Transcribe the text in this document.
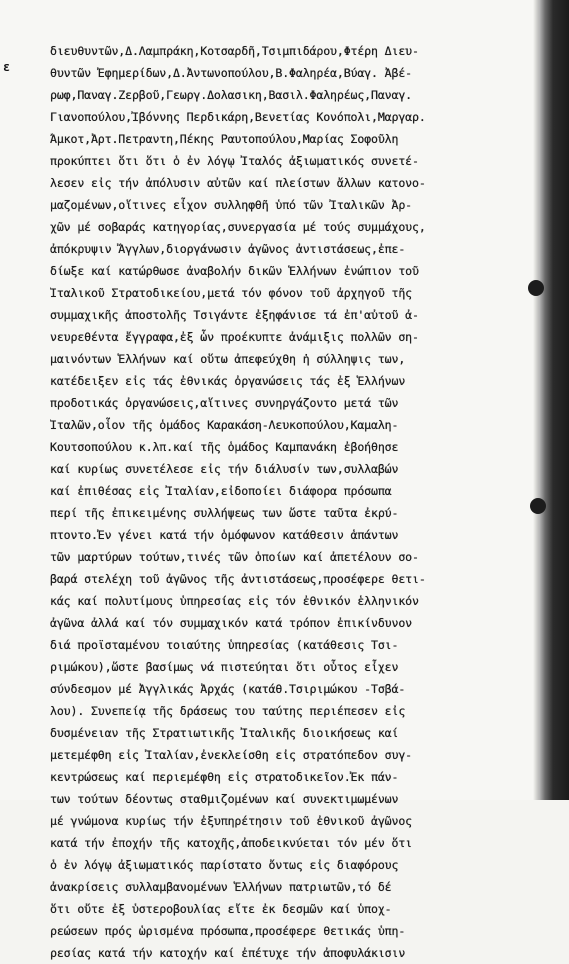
ε
διευθυντῶν,Δ.Λαμπράκη,Κοτσαρδῆ,Τσιμπιδάρου,Φτέρη Διευ-
θυντῶν Ἐφημερίδων,Δ.Ἀντωνοπούλου,Β.Φαληρέα,Βύαγ. Ἀβέ-
ρωφ,Παναγ.Ζερβοῦ,Γεωργ.Δολασικη,Βασιλ.Φαληρέως,Παναγ.
Γιανοπούλου,Ἰβόννης Περδικάρη,Βενετίας Κονόπολι,Μαργαρ.
Ἄμκοτ,Ἀρτ.Πετραντη,Πέκης Ραυτοπούλου,Μαρίας Σοφοῦλη
προκύπτει ὅτι ὅτι ὁ ἐν λόγῳ Ἰταλός ἀξιωματικός συνετέ-
λεσεν εἰς τήν ἀπόλυσιν αὐτῶν καί πλείστων ἄλλων κατονο-
μαζομένων,οἵτινες εἶχον συλληφθῆ ὑπό τῶν Ἰταλικῶν Ἀρ-
χῶν μέ σοβαράς κατηγορίας,συνεργασία μέ τούς συμμάχους,
ἀπόκρυψιν Ἄγγλων,διοργάνωσιν ἀγῶνος ἀντιστάσεως,ἐπε-
δίωξε καί κατώρθωσε ἀναβολήν δικῶν Ἑλλήνων ἐνώπιον τοῦ
Ἰταλικοῦ Στρατοδικείου,μετά τόν φόνον τοῦ ἀρχηγοῦ τῆς
συμμαχικῆς ἀποστολῆς Τσιγάντε ἐξηφάνισε τά ἐπ'αὐτοῦ ἀ-
νευρεθέντα ἔγγραφα,ἐξ ὧν προέκυπτε ἀνάμιξις πολλῶν ση-
μαινόντων Ἑλλήνων καί οὕτω ἀπεφεύχθη ἡ σύλληψις των,
κατέδειξεν εἰς τάς ἐθνικάς ὀργανώσεις τάς ἐξ Ἑλλήνων
προδοτικάς ὀργανώσεις,αἵτινες συνηργάζοντο μετά τῶν
Ἰταλῶν,οἷον τῆς ὁμάδος Καρακάση-Λευκοπούλου,Καμαλη-
Κουτσοπούλου κ.λπ.καί τῆς ὁμάδος Καμπανάκη ἐβοήθησε
καί κυρίως συνετέλεσε εἰς τήν διάλυσίν των,συλλαβών
καί ἐπιθέσας εἰς Ἰταλίαν,εἰδοποίει διάφορα πρόσωπα
περί τῆς ἐπικειμένης συλλήψεως των ὥστε ταῦτα ἐκρύ-
πτοντο.Ἐν γένει κατά τήν ὁμόφωνον κατάθεσιν ἁπάντων
τῶν μαρτύρων τούτων,τινές τῶν ὁποίων καί ἀπετέλουν σο-
βαρά στελέχη τοῦ ἀγῶνος τῆς ἀντιστάσεως,προσέφερε θετι-
κάς καί πολυτίμους ὑπηρεσίας εἰς τόν ἐθνικόν ἑλληνικόν
ἀγῶνα ἀλλά καί τόν συμμαχικόν κατά τρόπον ἐπικίνδυνον
διά προϊσταμένου τοιαύτης ὑπηρεσίας (κατάθεσις Τσι-
ριμώκου),ὥστε βασίμως νά πιστεύηται ὅτι οὗτος εἶχεν
σύνδεσμον μέ Ἀγγλικάς Ἀρχάς (κατάθ.Τσιριμώκου -Τσβά-
λου). Συνεπείᾳ τῆς δράσεως του ταύτης περιέπεσεν εἰς
δυσμένειαν τῆς Στρατιωτικῆς Ἰταλικῆς διοικήσεως καί
μετεμέφθη εἰς Ἰταλίαν,ἐνεκλείσθη εἰς στρατόπεδον συγ-
κεντρώσεως καί περιεμέφθη εἰς στρατοδικεῖον.Ἐκ πάν-
των τούτων δέοντως σταθμιζομένων καί συνεκτιμωμένων
μέ γνώμονα κυρίως τήν ἐξυπηρέτησιν τοῦ ἐθνικοῦ ἀγῶνος
κατά τήν ἐποχήν τῆς κατοχῆς,ἀποδεικνύεται τόν μέν ὅτι
ὁ ἐν λόγῳ ἀξιωματικός παρίστατο ὄντως εἰς διαφόρους
ἀνακρίσεις συλλαμβανομένων Ἑλλήνων πατριωτῶν,τό δέ
ὅτι οὔτε ἐξ ὑστεροβουλίας εἴτε ἐκ δεσμῶν καί ὑποχ-
ρεώσεων πρός ὡρισμένα πρόσωπα,προσέφερε θετικάς ὑπη-
ρεσίας κατά τήν κατοχήν καί ἐπέτυχε τήν ἀποφυλάκισιν
